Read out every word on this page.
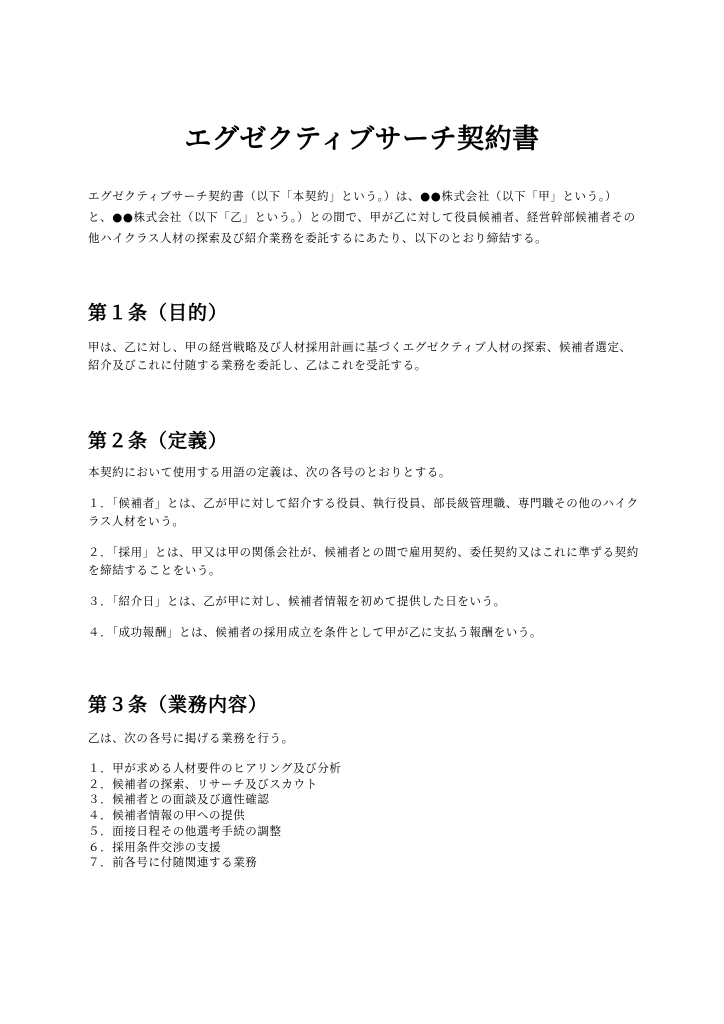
エグゼクティブサーチ契約書

エグゼクティブサーチ契約書（以下「本契約」という。）は、●●株式会社（以下「甲」という。）と、●●株式会社（以下「乙」という。）との間で、甲が乙に対して役員候補者、経営幹部候補者その他ハイクラス人材の探索及び紹介業務を委託するにあたり、以下のとおり締結する。

第１条（目的）

甲は、乙に対し、甲の経営戦略及び人材採用計画に基づくエグゼクティブ人材の探索、候補者選定、紹介及びこれに付随する業務を委託し、乙はこれを受託する。

第２条（定義）

本契約において使用する用語の定義は、次の各号のとおりとする。

１．「候補者」とは、乙が甲に対して紹介する役員、執行役員、部長級管理職、専門職その他のハイクラス人材をいう。

２．「採用」とは、甲又は甲の関係会社が、候補者との間で雇用契約、委任契約又はこれに準ずる契約を締結することをいう。

３．「紹介日」とは、乙が甲に対し、候補者情報を初めて提供した日をいう。

４．「成功報酬」とは、候補者の採用成立を条件として甲が乙に支払う報酬をいう。

第３条（業務内容）

乙は、次の各号に掲げる業務を行う。

１．甲が求める人材要件のヒアリング及び分析
２．候補者の探索、リサーチ及びスカウト
３．候補者との面談及び適性確認
４．候補者情報の甲への提供
５．面接日程その他選考手続の調整
６．採用条件交渉の支援
７．前各号に付随関連する業務
